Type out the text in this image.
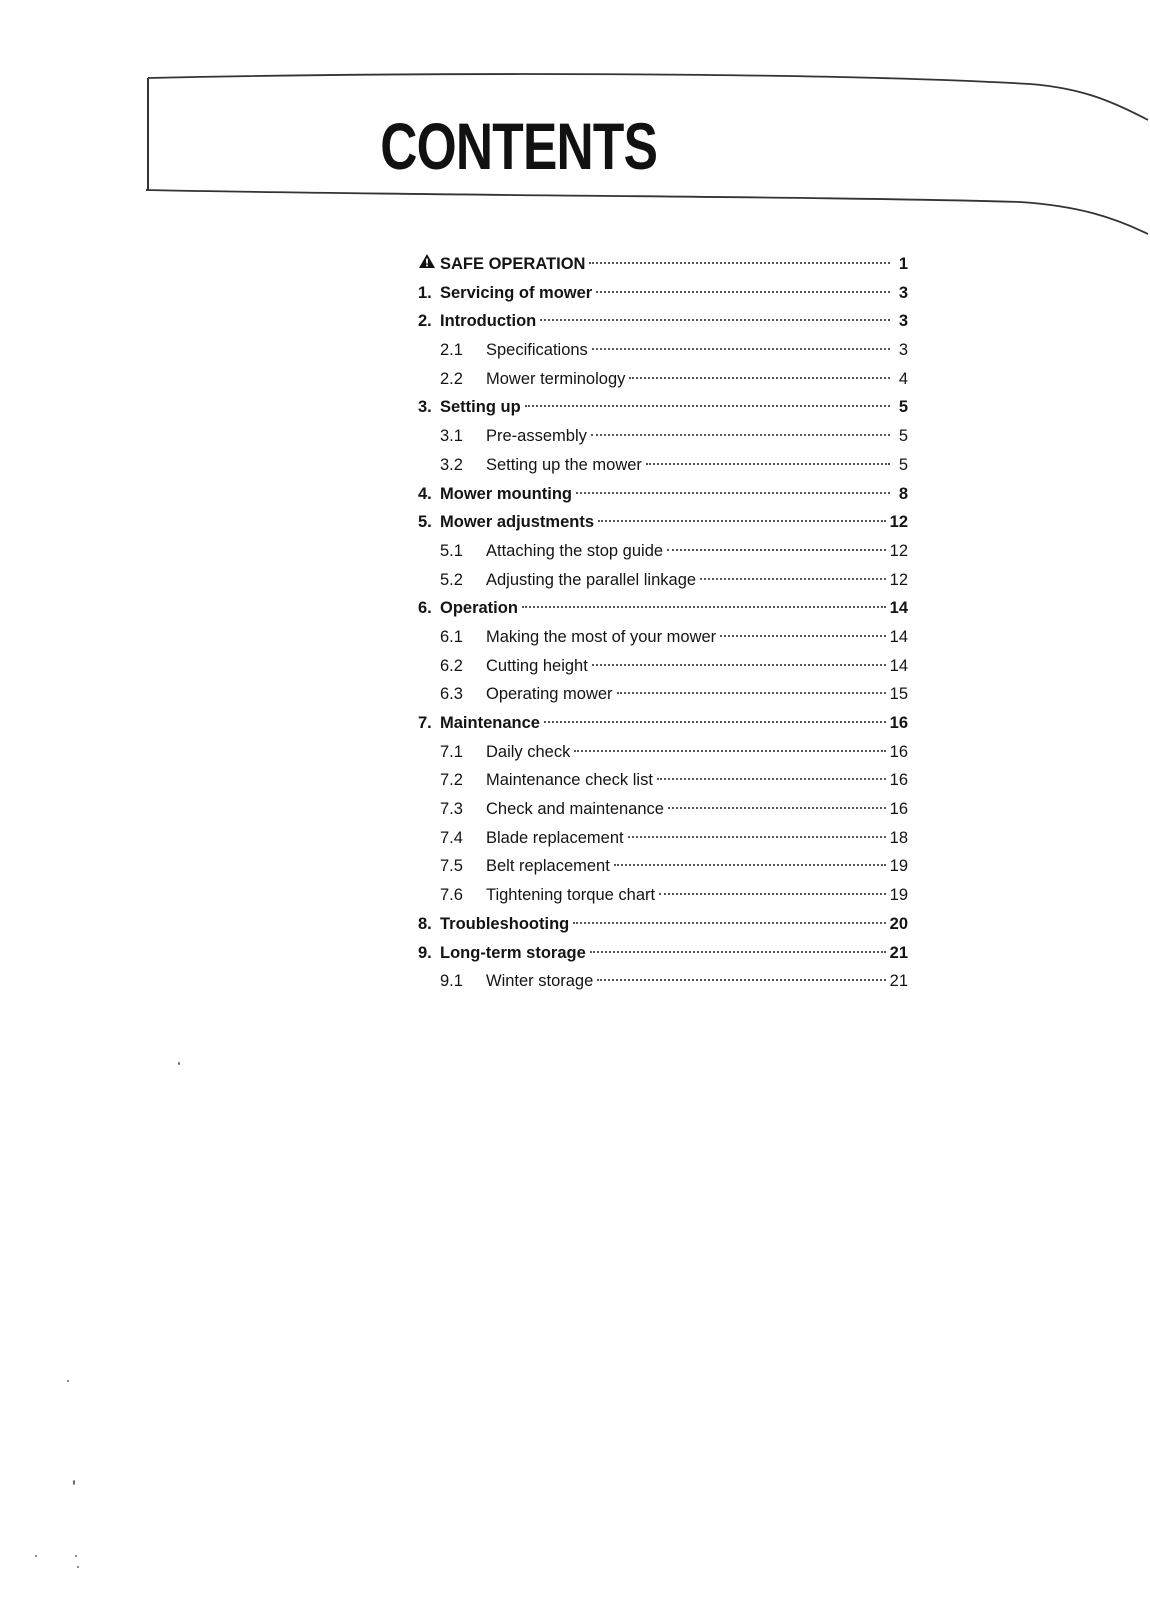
CONTENTS
SAFE OPERATION	1
1. Servicing of mower	3
2. Introduction	3
2.1	Specifications	3
2.2	Mower terminology	4
3. Setting up	5
3.1	Pre-assembly	5
3.2	Setting up the mower	5
4. Mower mounting	8
5. Mower adjustments	12
5.1	Attaching the stop guide	12
5.2	Adjusting the parallel linkage	12
6. Operation	14
6.1	Making the most of your mower	14
6.2	Cutting height	14
6.3	Operating mower	15
7. Maintenance	16
7.1	Daily check	16
7.2	Maintenance check list	16
7.3	Check and maintenance	16
7.4	Blade replacement	18
7.5	Belt replacement	19
7.6	Tightening torque chart	19
8. Troubleshooting	20
9. Long-term storage	21
9.1	Winter storage	21
